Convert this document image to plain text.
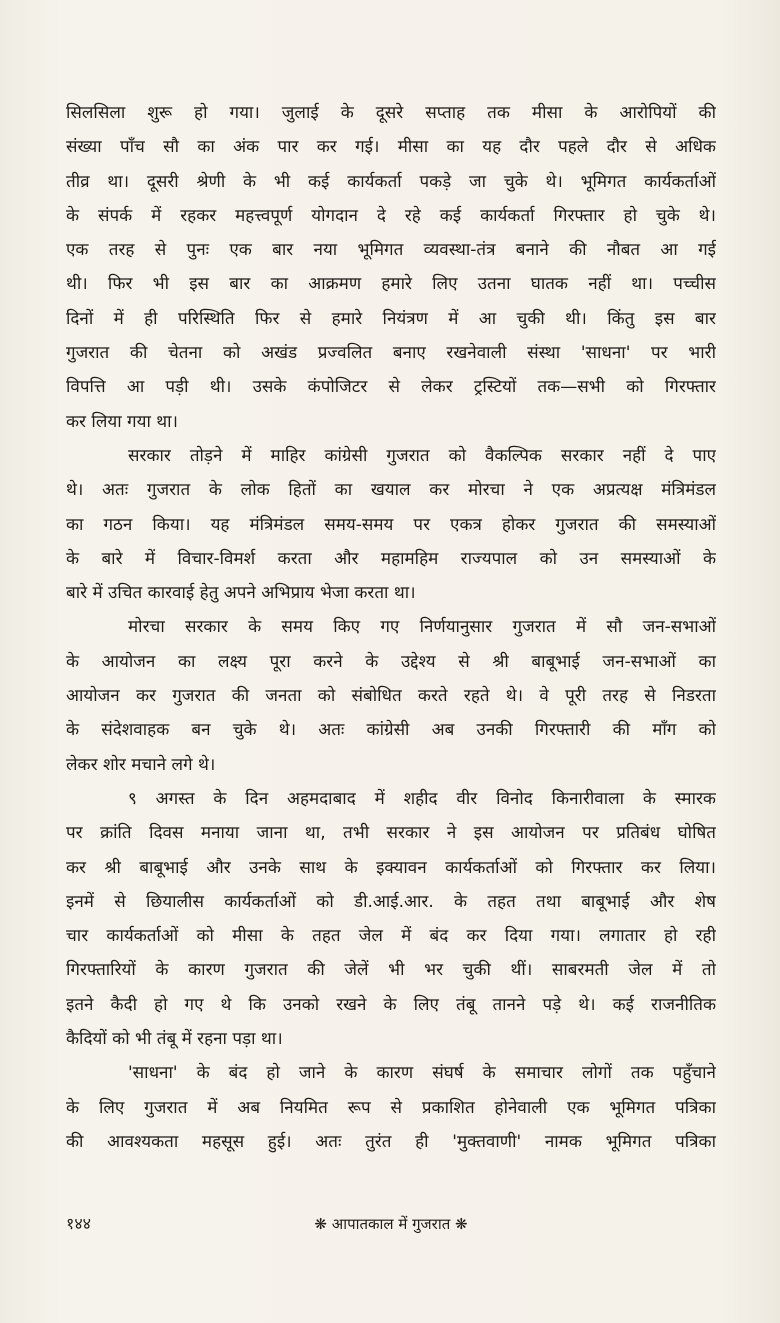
सिलसिला शुरू हो गया। जुलाई के दूसरे सप्ताह तक मीसा के आरोपियों की
संख्या पाँच सौ का अंक पार कर गई। मीसा का यह दौर पहले दौर से अधिक
तीव्र था। दूसरी श्रेणी के भी कई कार्यकर्ता पकड़े जा चुके थे। भूमिगत कार्यकर्ताओं
के संपर्क में रहकर महत्त्वपूर्ण योगदान दे रहे कई कार्यकर्ता गिरफ्तार हो चुके थे।
एक तरह से पुनः एक बार नया भूमिगत व्यवस्था-तंत्र बनाने की नौबत आ गई
थी। फिर भी इस बार का आक्रमण हमारे लिए उतना घातक नहीं था। पच्चीस
दिनों में ही परिस्थिति फिर से हमारे नियंत्रण में आ चुकी थी। किंतु इस बार
गुजरात की चेतना को अखंड प्रज्वलित बनाए रखनेवाली संस्था 'साधना' पर भारी
विपत्ति आ पड़ी थी। उसके कंपोजिटर से लेकर ट्रस्टियों तक—सभी को गिरफ्तार
कर लिया गया था।
सरकार तोड़ने में माहिर कांग्रेसी गुजरात को वैकल्पिक सरकार नहीं दे पाए
थे। अतः गुजरात के लोक हितों का खयाल कर मोरचा ने एक अप्रत्यक्ष मंत्रिमंडल
का गठन किया। यह मंत्रिमंडल समय-समय पर एकत्र होकर गुजरात की समस्याओं
के बारे में विचार-विमर्श करता और महामहिम राज्यपाल को उन समस्याओं के
बारे में उचित कारवाई हेतु अपने अभिप्राय भेजा करता था।
मोरचा सरकार के समय किए गए निर्णयानुसार गुजरात में सौ जन-सभाओं
के आयोजन का लक्ष्य पूरा करने के उद्देश्य से श्री बाबूभाई जन-सभाओं का
आयोजन कर गुजरात की जनता को संबोधित करते रहते थे। वे पूरी तरह से निडरता
के संदेशवाहक बन चुके थे। अतः कांग्रेसी अब उनकी गिरफ्तारी की माँग को
लेकर शोर मचाने लगे थे।
९ अगस्त के दिन अहमदाबाद में शहीद वीर विनोद किनारीवाला के स्मारक
पर क्रांति दिवस मनाया जाना था, तभी सरकार ने इस आयोजन पर प्रतिबंध घोषित
कर श्री बाबूभाई और उनके साथ के इक्यावन कार्यकर्ताओं को गिरफ्तार कर लिया।
इनमें से छियालीस कार्यकर्ताओं को डी.आई.आर. के तहत तथा बाबूभाई और शेष
चार कार्यकर्ताओं को मीसा के तहत जेल में बंद कर दिया गया। लगातार हो रही
गिरफ्तारियों के कारण गुजरात की जेलें भी भर चुकी थीं। साबरमती जेल में तो
इतने कैदी हो गए थे कि उनको रखने के लिए तंबू तानने पड़े थे। कई राजनीतिक
कैदियों को भी तंबू में रहना पड़ा था।
'साधना' के बंद हो जाने के कारण संघर्ष के समाचार लोगों तक पहुँचाने
के लिए गुजरात में अब नियमित रूप से प्रकाशित होनेवाली एक भूमिगत पत्रिका
की आवश्यकता महसूस हुई। अतः तुरंत ही 'मुक्तवाणी' नामक भूमिगत पत्रिका
१४४	❋ आपातकाल में गुजरात ❋
